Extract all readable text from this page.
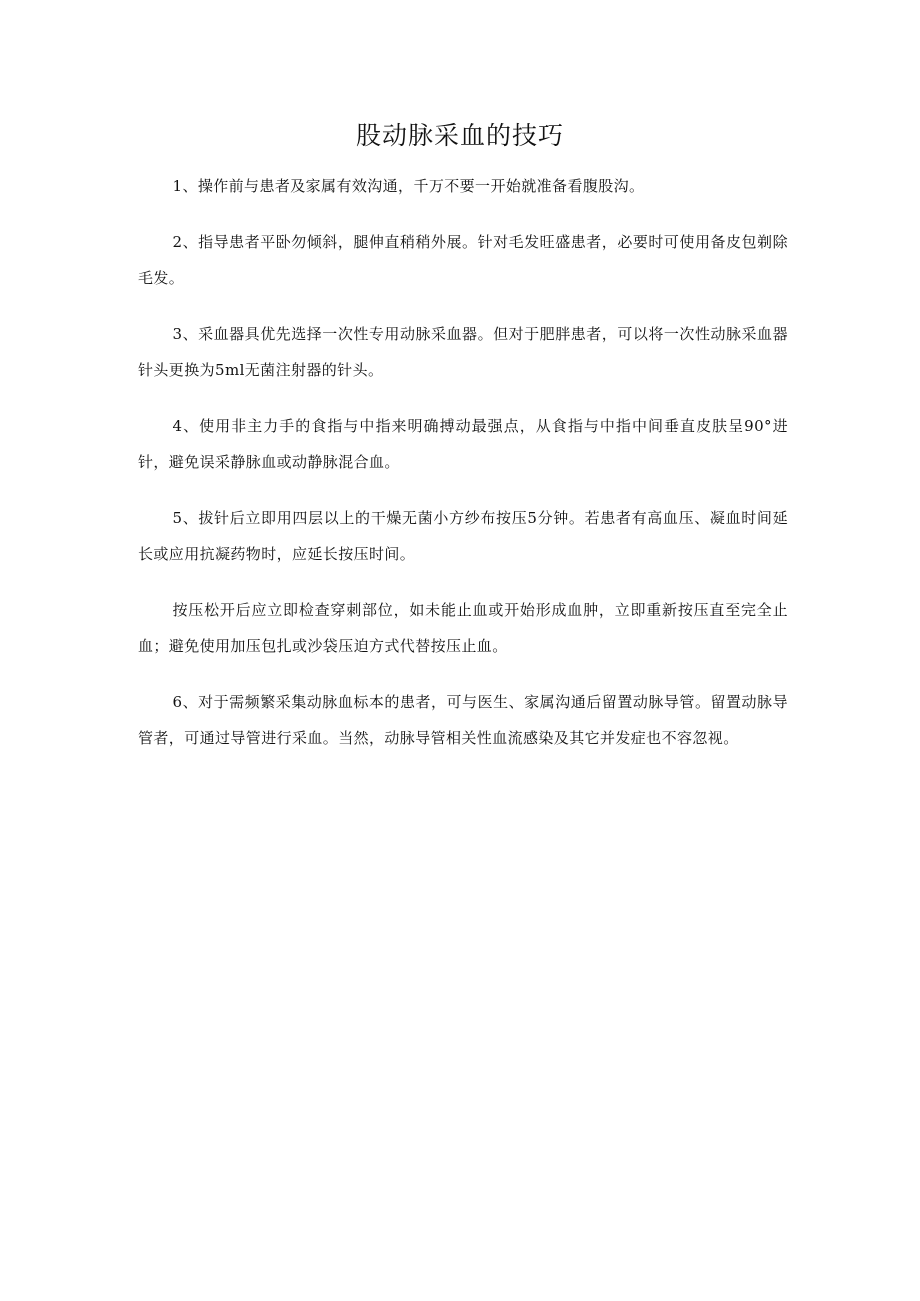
股动脉采血的技巧

1、操作前与患者及家属有效沟通，千万不要一开始就准备看腹股沟。

2、指导患者平卧勿倾斜，腿伸直稍稍外展。针对毛发旺盛患者，必要时可使用备皮包剃除毛发。

3、采血器具优先选择一次性专用动脉采血器。但对于肥胖患者，可以将一次性动脉采血器针头更换为5ml无菌注射器的针头。

4、使用非主力手的食指与中指来明确搏动最强点，从食指与中指中间垂直皮肤呈90°进针，避免误采静脉血或动静脉混合血。

5、拔针后立即用四层以上的干燥无菌小方纱布按压5分钟。若患者有高血压、凝血时间延长或应用抗凝药物时，应延长按压时间。

按压松开后应立即检查穿刺部位，如未能止血或开始形成血肿，立即重新按压直至完全止血；避免使用加压包扎或沙袋压迫方式代替按压止血。

6、对于需频繁采集动脉血标本的患者，可与医生、家属沟通后留置动脉导管。留置动脉导管者，可通过导管进行采血。当然，动脉导管相关性血流感染及其它并发症也不容忽视。
